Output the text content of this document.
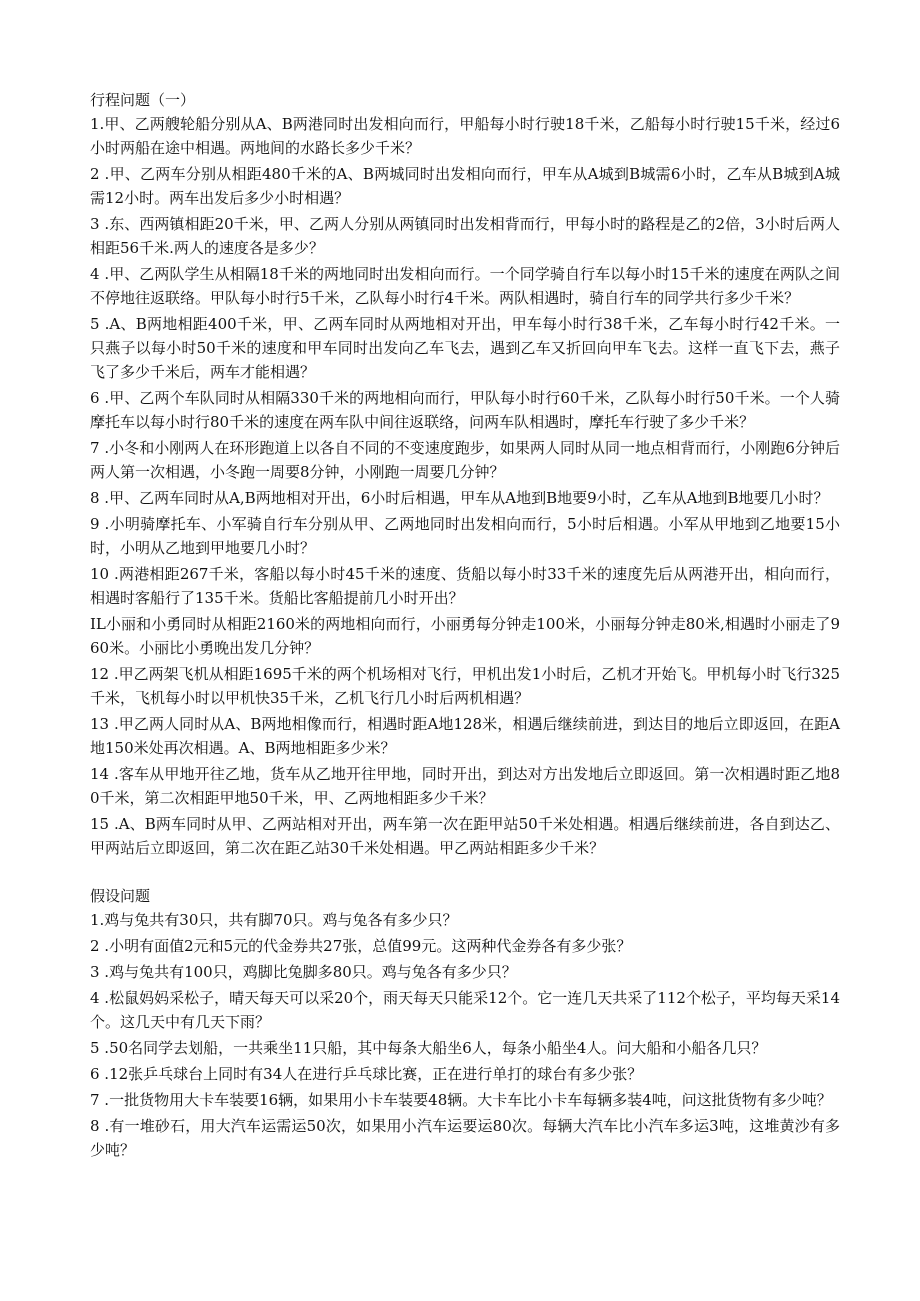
行程问题（一）

1.甲、乙两艘轮船分别从A、B两港同时出发相向而行，甲船每小时行驶18千米，乙船每小时行驶15千米，经过6小时两船在途中相遇。两地间的水路长多少千米？

2 .甲、乙两车分别从相距480千米的A、B两城同时出发相向而行，甲车从A城到B城需6小时，乙车从B城到A城需12小时。两车出发后多少小时相遇？

3 .东、西两镇相距20千米，甲、乙两人分别从两镇同时出发相背而行，甲每小时的路程是乙的2倍，3小时后两人相距56千米.两人的速度各是多少？

4 .甲、乙两队学生从相隔18千米的两地同时出发相向而行。一个同学骑自行车以每小时15千米的速度在两队之间不停地往返联络。甲队每小时行5千米，乙队每小时行4千米。两队相遇时，骑自行车的同学共行多少千米？

5 .A、B两地相距400千米，甲、乙两车同时从两地相对开出，甲车每小时行38千米，乙车每小时行42千米。一只燕子以每小时50千米的速度和甲车同时出发向乙车飞去，遇到乙车又折回向甲车飞去。这样一直飞下去，燕子飞了多少千米后，两车才能相遇？

6 .甲、乙两个车队同时从相隔330千米的两地相向而行，甲队每小时行60千米，乙队每小时行50千米。一个人骑摩托车以每小时行80千米的速度在两车队中间往返联络，问两车队相遇时，摩托车行驶了多少千米？

7 .小冬和小刚两人在环形跑道上以各自不同的不变速度跑步，如果两人同时从同一地点相背而行，小刚跑6分钟后两人第一次相遇，小冬跑一周要8分钟，小刚跑一周要几分钟？

8 .甲、乙两车同时从A,B两地相对开出，6小时后相遇，甲车从A地到B地要9小时，乙车从A地到B地要几小时？

9 .小明骑摩托车、小军骑自行车分别从甲、乙两地同时出发相向而行，5小时后相遇。小军从甲地到乙地要15小时，小明从乙地到甲地要几小时？

10 .两港相距267千米，客船以每小时45千米的速度、货船以每小时33千米的速度先后从两港开出，相向而行，相遇时客船行了135千米。货船比客船提前几小时开出？

IL小丽和小勇同时从相距2160米的两地相向而行，小丽勇每分钟走100米，小丽每分钟走80米,相遇时小丽走了960米。小丽比小勇晚出发几分钟？

12 .甲乙两架飞机从相距1695千米的两个机场相对飞行，甲机出发1小时后，乙机才开始飞。甲机每小时飞行325千米，飞机每小时以甲机快35千米，乙机飞行几小时后两机相遇？

13 .甲乙两人同时从A、B两地相像而行，相遇时距A地128米，相遇后继续前进，到达目的地后立即返回，在距A地150米处再次相遇。A、B两地相距多少米？

14 .客车从甲地开往乙地，货车从乙地开往甲地，同时开出，到达对方出发地后立即返回。第一次相遇时距乙地80千米，第二次相距甲地50千米，甲、乙两地相距多少千米？

15 .A、B两车同时从甲、乙两站相对开出，两车第一次在距甲站50千米处相遇。相遇后继续前进，各自到达乙、甲两站后立即返回，第二次在距乙站30千米处相遇。甲乙两站相距多少千米？

假设问题

1.鸡与兔共有30只，共有脚70只。鸡与兔各有多少只？

2 .小明有面值2元和5元的代金券共27张，总值99元。这两种代金券各有多少张？

3 .鸡与兔共有100只，鸡脚比兔脚多80只。鸡与兔各有多少只？

4 .松鼠妈妈采松子，晴天每天可以采20个，雨天每天只能采12个。它一连几天共采了112个松子，平均每天采14个。这几天中有几天下雨？

5 .50名同学去划船，一共乘坐11只船，其中每条大船坐6人，每条小船坐4人。问大船和小船各几只？

6 .12张乒乓球台上同时有34人在进行乒乓球比赛，正在进行单打的球台有多少张？

7 .一批货物用大卡车装要16辆，如果用小卡车装要48辆。大卡车比小卡车每辆多装4吨，问这批货物有多少吨？

8 .有一堆砂石，用大汽车运需运50次，如果用小汽车运要运80次。每辆大汽车比小汽车多运3吨，这堆黄沙有多少吨？
